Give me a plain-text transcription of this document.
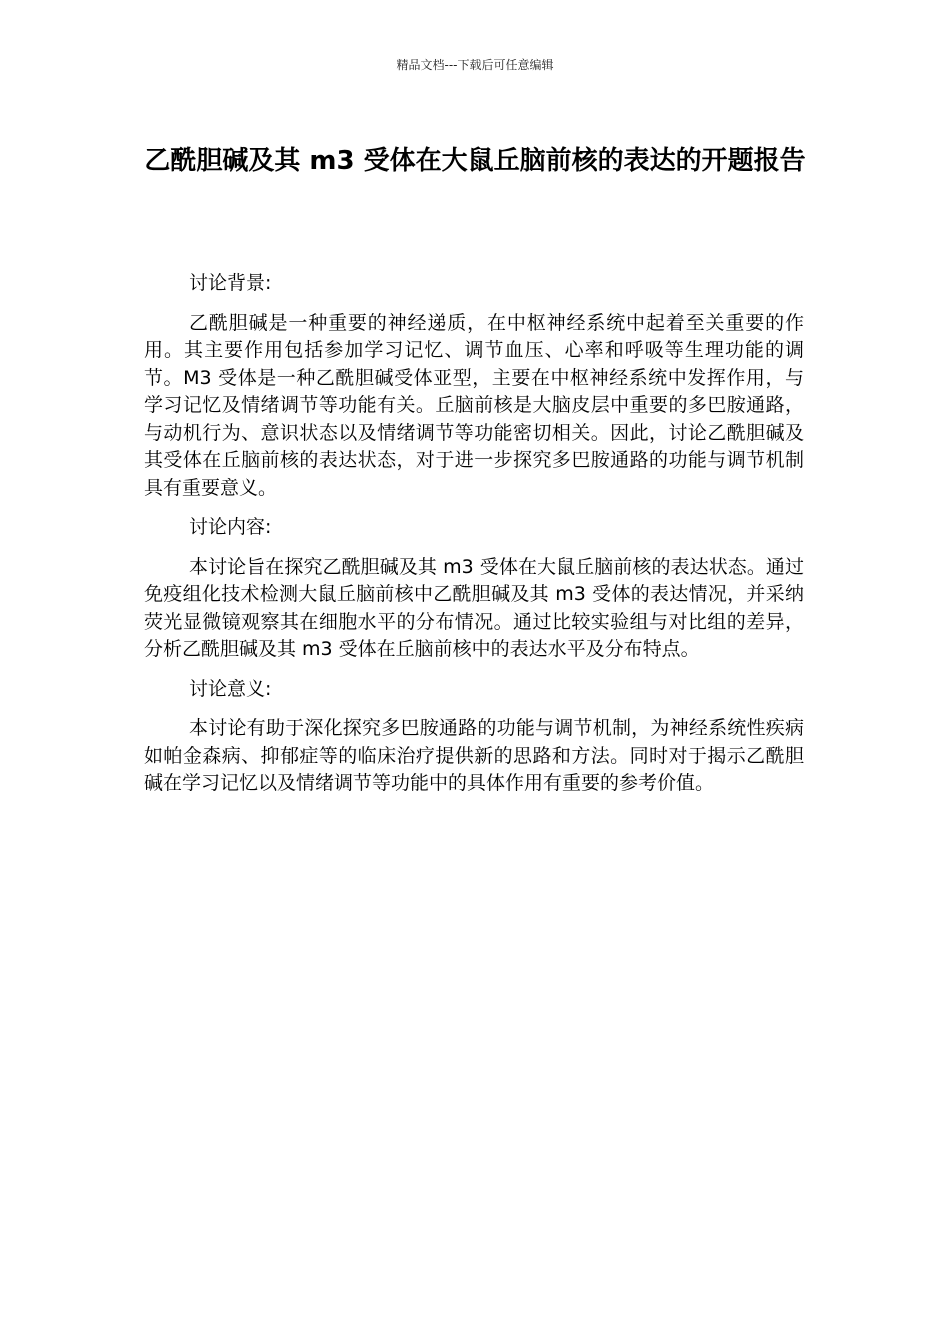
精品文档---下载后可任意编辑
乙酰胆碱及其 m3 受体在大鼠丘脑前核的表达的开题报告
讨论背景:

乙酰胆碱是一种重要的神经递质，在中枢神经系统中起着至关重要的作用。其主要作用包括参加学习记忆、调节血压、心率和呼吸等生理功能的调节。M3 受体是一种乙酰胆碱受体亚型，主要在中枢神经系统中发挥作用，与学习记忆及情绪调节等功能有关。丘脑前核是大脑皮层中重要的多巴胺通路，与动机行为、意识状态以及情绪调节等功能密切相关。因此，讨论乙酰胆碱及其受体在丘脑前核的表达状态，对于进一步探究多巴胺通路的功能与调节机制具有重要意义。

讨论内容:

本讨论旨在探究乙酰胆碱及其 m3 受体在大鼠丘脑前核的表达状态。通过免疫组化技术检测大鼠丘脑前核中乙酰胆碱及其 m3 受体的表达情况，并采纳荧光显微镜观察其在细胞水平的分布情况。通过比较实验组与对比组的差异，分析乙酰胆碱及其 m3 受体在丘脑前核中的表达水平及分布特点。

讨论意义:

本讨论有助于深化探究多巴胺通路的功能与调节机制，为神经系统性疾病如帕金森病、抑郁症等的临床治疗提供新的思路和方法。同时对于揭示乙酰胆碱在学习记忆以及情绪调节等功能中的具体作用有重要的参考价值。
